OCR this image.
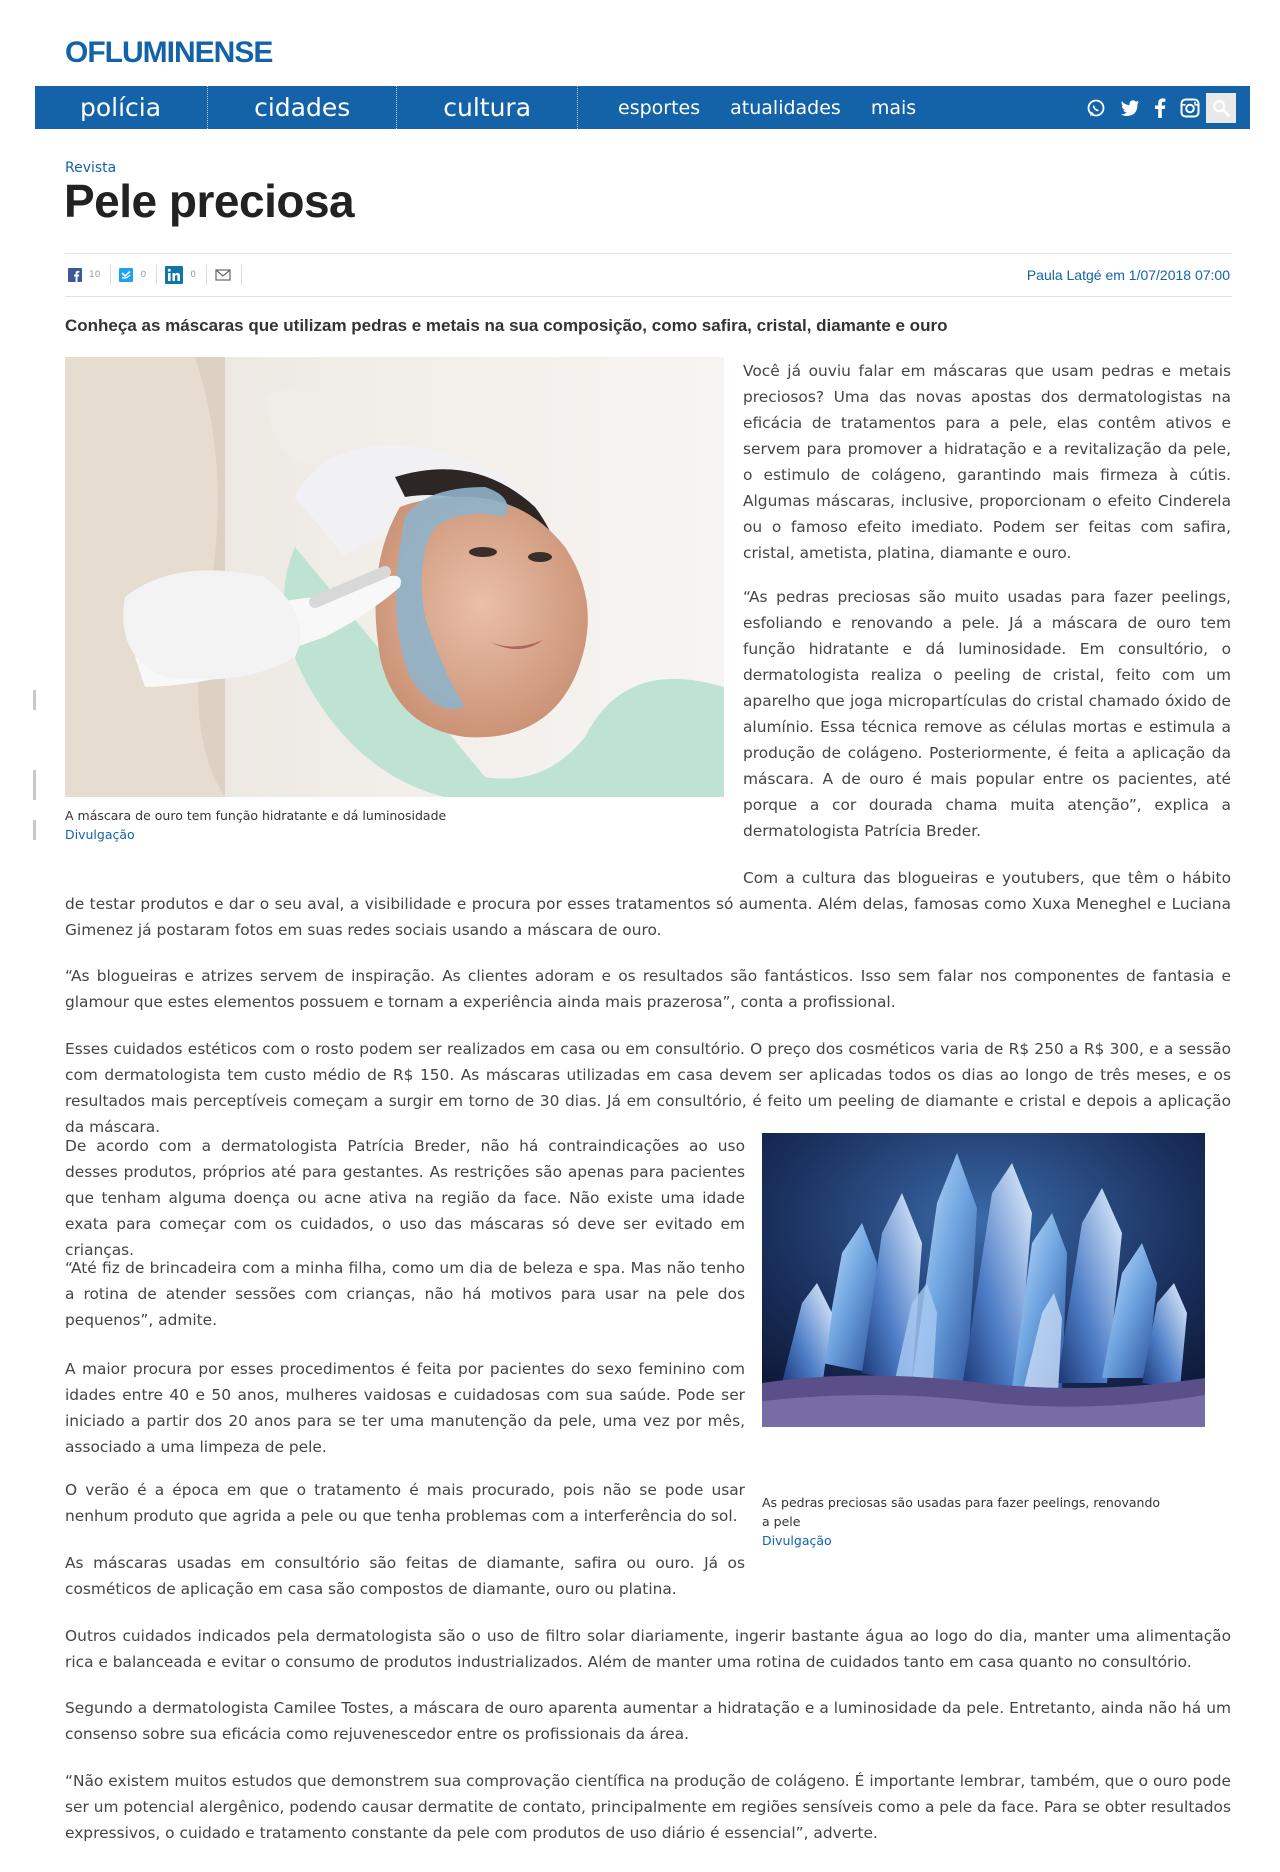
OFLUMINENSE
polícia	cidades	cultura	esportes	atualidades	mais
Revista
Pele preciosa
10	0	0	Paula Latgé em 1/07/2018 07:00
Conheça as máscaras que utilizam pedras e metais na sua composição, como safira, cristal, diamante e ouro
A máscara de ouro tem função hidratante e dá luminosidade
Divulgação

Você já ouviu falar em máscaras que usam pedras e metais preciosos? Uma das novas apostas dos dermatologistas na eficácia de tratamentos para a pele, elas contêm ativos e servem para promover a hidratação e a revitalização da pele, o estimulo de colágeno, garantindo mais firmeza à cútis. Algumas máscaras, inclusive, proporcionam o efeito Cinderela ou o famoso efeito imediato. Podem ser feitas com safira, cristal, ametista, platina, diamante e ouro.

“As pedras preciosas são muito usadas para fazer peelings, esfoliando e renovando a pele. Já a máscara de ouro tem função hidratante e dá luminosidade. Em consultório, o dermatologista realiza o peeling de cristal, feito com um aparelho que joga micropartículas do cristal chamado óxido de alumínio. Essa técnica remove as células mortas e estimula a produção de colágeno. Posteriormente, é feita a aplicação da máscara. A de ouro é mais popular entre os pacientes, até porque a cor dourada chama muita atenção”, explica a dermatologista Patrícia Breder.

Com a cultura das blogueiras e youtubers, que têm o hábito de testar produtos e dar o seu aval, a visibilidade e procura por esses tratamentos só aumenta. Além delas, famosas como Xuxa Meneghel e Luciana Gimenez já postaram fotos em suas redes sociais usando a máscara de ouro.

“As blogueiras e atrizes servem de inspiração. As clientes adoram e os resultados são fantásticos. Isso sem falar nos componentes de fantasia e glamour que estes elementos possuem e tornam a experiência ainda mais prazerosa”, conta a profissional.

Esses cuidados estéticos com o rosto podem ser realizados em casa ou em consultório. O preço dos cosméticos varia de R$ 250 a R$ 300, e a sessão com dermatologista tem custo médio de R$ 150. As máscaras utilizadas em casa devem ser aplicadas todos os dias ao longo de três meses, e os resultados mais perceptíveis começam a surgir em torno de 30 dias. Já em consultório, é feito um peeling de diamante e cristal e depois a aplicação da máscara.

De acordo com a dermatologista Patrícia Breder, não há contraindicações ao uso desses produtos, próprios até para gestantes. As restrições são apenas para pacientes que tenham alguma doença ou acne ativa na região da face. Não existe uma idade exata para começar com os cuidados, o uso das máscaras só deve ser evitado em crianças.

“Até fiz de brincadeira com a minha filha, como um dia de beleza e spa. Mas não tenho a rotina de atender sessões com crianças, não há motivos para usar na pele dos pequenos”, admite.

A maior procura por esses procedimentos é feita por pacientes do sexo feminino com idades entre 40 e 50 anos, mulheres vaidosas e cuidadosas com sua saúde. Pode ser iniciado a partir dos 20 anos para se ter uma manutenção da pele, uma vez por mês, associado a uma limpeza de pele.

O verão é a época em que o tratamento é mais procurado, pois não se pode usar nenhum produto que agrida a pele ou que tenha problemas com a interferência do sol.

As máscaras usadas em consultório são feitas de diamante, safira ou ouro. Já os cosméticos de aplicação em casa são compostos de diamante, ouro ou platina.

As pedras preciosas são usadas para fazer peelings, renovando a pele
Divulgação

Outros cuidados indicados pela dermatologista são o uso de filtro solar diariamente, ingerir bastante água ao logo do dia, manter uma alimentação rica e balanceada e evitar o consumo de produtos industrializados. Além de manter uma rotina de cuidados tanto em casa quanto no consultório.

Segundo a dermatologista Camilee Tostes, a máscara de ouro aparenta aumentar a hidratação e a luminosidade da pele. Entretanto, ainda não há um consenso sobre sua eficácia como rejuvenescedor entre os profissionais da área.

“Não existem muitos estudos que demonstrem sua comprovação científica na produção de colágeno. É importante lembrar, também, que o ouro pode ser um potencial alergênico, podendo causar dermatite de contato, principalmente em regiões sensíveis como a pele da face. Para se obter resultados expressivos, o cuidado e tratamento constante da pele com produtos de uso diário é essencial”, adverte.
